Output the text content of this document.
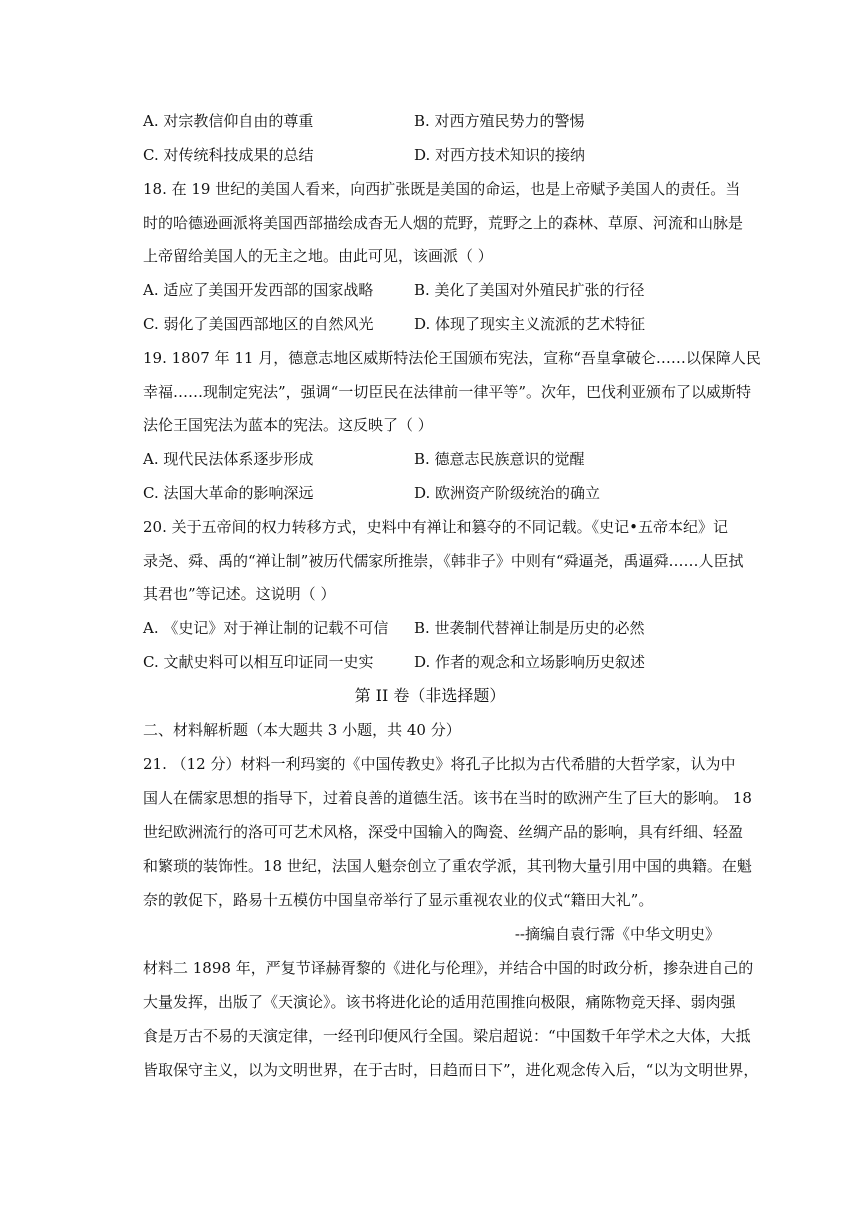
A. 对宗教信仰自由的尊重	B. 对西方殖民势力的警惕
C. 对传统科技成果的总结	D. 对西方技术知识的接纳
18. 在 19 世纪的美国人看来，向西扩张既是美国的命运，也是上帝赋予美国人的责任。当
时的哈德逊画派将美国西部描绘成杳无人烟的荒野，荒野之上的森林、草原、河流和山脉是
上帝留给美国人的无主之地。由此可见，该画派（ ）
A. 适应了美国开发西部的国家战略	B. 美化了美国对外殖民扩张的行径
C. 弱化了美国西部地区的自然风光	D. 体现了现实主义流派的艺术特征
19. 1807 年 11 月，德意志地区威斯特法伦王国颁布宪法，宣称“吾皇拿破仑……以保障人民
幸福……现制定宪法”，强调“一切臣民在法律前一律平等”。次年，巴伐利亚颁布了以威斯特
法伦王国宪法为蓝本的宪法。这反映了（ ）
A. 现代民法体系逐步形成	B. 德意志民族意识的觉醒
C. 法国大革命的影响深远	D. 欧洲资产阶级统治的确立
20. 关于五帝间的权力转移方式，史料中有禅让和篡夺的不同记载。《史记•五帝本纪》记
录尧、舜、禹的“禅让制”被历代儒家所推崇，《韩非子》中则有“舜逼尧，禹逼舜……人臣拭
其君也”等记述。这说明（ ）
A. 《史记》对于禅让制的记载不可信 B. 世袭制代替禅让制是历史的必然
C. 文献史料可以相互印证同一史实	D. 作者的观念和立场影响历史叙述
第 II 卷（非选择题）
二、材料解析题（本大题共 3 小题，共 40 分）
21. （12 分）材料一利玛窦的《中国传教史》将孔子比拟为古代希腊的大哲学家，认为中
国人在儒家思想的指导下，过着良善的道德生活。该书在当时的欧洲产生了巨大的影响。 18
世纪欧洲流行的洛可可艺术风格，深受中国输入的陶瓷、丝绸产品的影响，具有纤细、轻盈
和繁琐的装饰性。18 世纪，法国人魁奈创立了重农学派，其刊物大量引用中国的典籍。在魁
奈的敦促下，路易十五模仿中国皇帝举行了显示重视农业的仪式“籍田大礼”。
--摘编自袁行霈《中华文明史》
材料二 1898 年，严复节译赫胥黎的《进化与伦理》，并结合中国的时政分析，掺杂进自己的
大量发挥，出版了《天演论》。该书将进化论的适用范围推向极限，痛陈物竞天择、弱肉强
食是万古不易的天演定律，一经刊印便风行全国。梁启超说：“中国数千年学术之大体，大抵
皆取保守主义，以为文明世界，在于古时，日趋而日下”，进化观念传入后，“以为文明世界，
